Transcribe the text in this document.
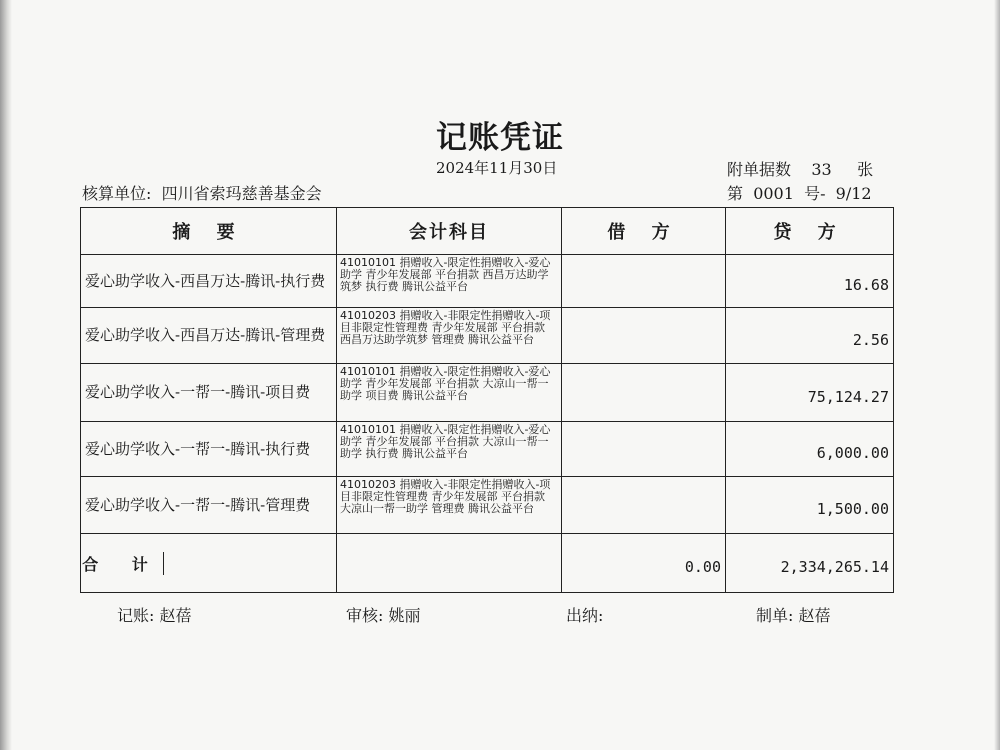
记账凭证
2024年11月30日	附单据数 33 张
核算单位: 四川省索玛慈善基金会	第 0001 号- 9/12
摘 要	会计科目	借 方	贷 方
爱心助学收入-西昌万达-腾讯-执行费	41010101 捐赠收入-限定性捐赠收入-爱心助学 青少年发展部 平台捐款 西昌万达助学筑梦 执行费 腾讯公益平台		16.68
爱心助学收入-西昌万达-腾讯-管理费	41010203 捐赠收入-非限定性捐赠收入-项目非限定性管理费 青少年发展部 平台捐款 西昌万达助学筑梦 管理费 腾讯公益平台		2.56
爱心助学收入-一帮一-腾讯-项目费	41010101 捐赠收入-限定性捐赠收入-爱心助学 青少年发展部 平台捐款 大凉山一帮一助学 项目费 腾讯公益平台		75,124.27
爱心助学收入-一帮一-腾讯-执行费	41010101 捐赠收入-限定性捐赠收入-爱心助学 青少年发展部 平台捐款 大凉山一帮一助学 执行费 腾讯公益平台		6,000.00
爱心助学收入-一帮一-腾讯-管理费	41010203 捐赠收入-非限定性捐赠收入-项目非限定性管理费 青少年发展部 平台捐款 大凉山一帮一助学 管理费 腾讯公益平台		1,500.00

合 计		0.00	2,334,265.14
记账: 赵蓓	审核: 姚丽	出纳:	制单: 赵蓓
